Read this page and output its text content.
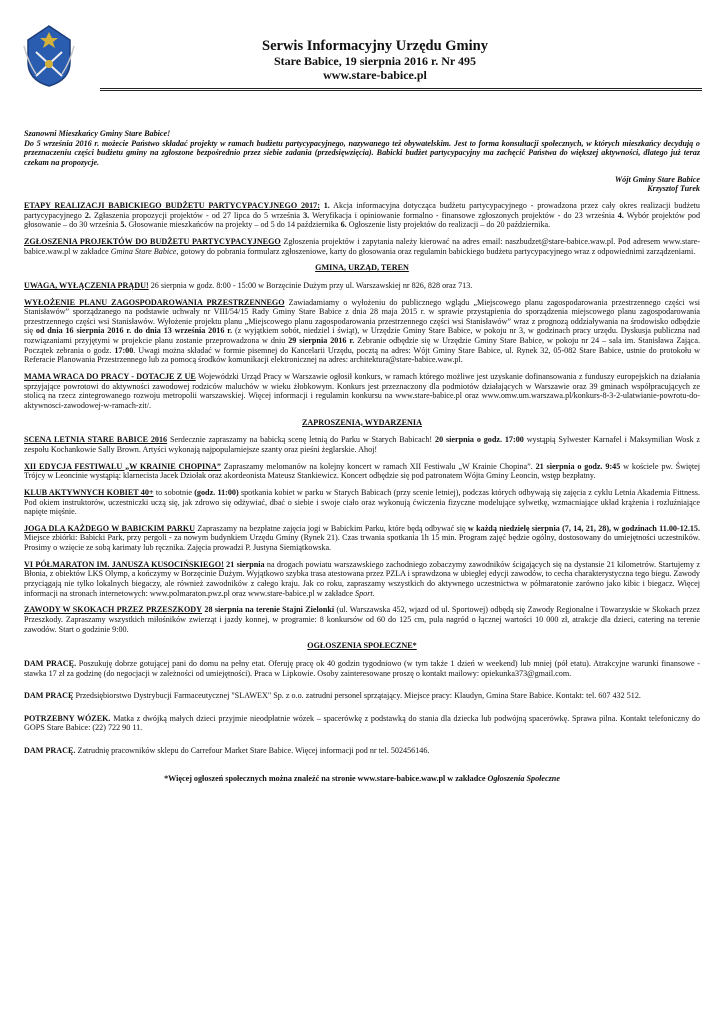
Serwis Informacyjny Urzędu Gminy
Stare Babice, 19 sierpnia 2016 r. Nr 495
www.stare-babice.pl

Szanowni Mieszkańcy Gminy Stare Babice!
Do 5 września 2016 r. możecie Państwo składać projekty w ramach budżetu partycypacyjnego, nazywanego też obywatelskim. Jest to forma konsultacji społecznych, w których mieszkańcy decydują o przeznaczeniu części budżetu gminy na zgłoszone bezpośrednio przez siebie zadania (przedsięwzięcia). Babicki budżet partycypacyjny ma zachęcić Państwa do większej aktywności, dlatego już teraz czekam na propozycje.

Wójt Gminy Stare Babice
Krzysztof Turek

ETAPY REALIZACJI BABICKIEGO BUDŻETU PARTYCYPACYJNEGO 2017: 1. Akcja informacyjna dotycząca budżetu partycypacyjnego - prowadzona przez cały okres realizacji budżetu partycypacyjnego 2. Zgłaszenia propozycji projektów - od 27 lipca do 5 września 3. Weryfikacja i opiniowanie formalno - finansowe zgłoszonych projektów - do 23 września 4. Wybór projektów pod głosowanie – do 30 września 5. Głosowanie mieszkańców na projekty – od 5 do 14 października 6. Ogłoszenie listy projektów do realizacji – do 20 października.

ZGŁOSZENIA PROJEKTÓW DO BUDŻETU PARTYCYPACYJNEGO Zgłoszenia projektów i zapytania należy kierować na adres email: naszbudzet@stare-babice.waw.pl. Pod adresem www.stare-babice.waw.pl w zakładce Gmina Stare Babice, gotowy do pobrania formularz zgłoszeniowe, karty do głosowania oraz regulamin babickiego budżetu partycypacyjnego wraz z odpowiednimi zarządzeniami.

GMINA, URZĄD, TEREN

UWAGA, WYŁĄCZENIA PRĄDU! 26 sierpnia w godz. 8:00 - 15:00 w Borzęcinie Dużym przy ul. Warszawskiej nr 826, 828 oraz 713.

WYŁOŻENIE PLANU ZAGOSPODAROWANIA PRZESTRZENNEGO Zawiadamiamy o wyłożeniu do publicznego wglądu „Miejscowego planu zagospodarowania przestrzennego części wsi Stanisławów” sporządzanego na podstawie uchwały nr VIII/54/15 Rady Gminy Stare Babice z dnia 28 maja 2015 r. w sprawie przystąpienia do sporządzenia miejscowego planu zagospodarowania przestrzennego części wsi Stanisławów. Wyłożenie projektu planu „Miejscowego planu zagospodarowania przestrzennego części wsi Stanisławów” wraz z prognozą oddziaływania na środowisko odbędzie się od dnia 16 sierpnia 2016 r. do dnia 13 września 2016 r. (z wyjątkiem sobót, niedziel i świąt), w Urzędzie Gminy Stare Babice, w pokoju nr 3, w godzinach pracy urzędu. Dyskusja publiczna nad rozwiązaniami przyjętymi w projekcie planu zostanie przeprowadzona w dniu 29 sierpnia 2016 r. Zebranie odbędzie się w Urzędzie Gminy Stare Babice, w pokoju nr 24 – sala im. Stanisława Zająca. Początek zebrania o godz. 17:00. Uwagi można składać w formie pisemnej do Kancelarii Urzędu, pocztą na adres: Wójt Gminy Stare Babice, ul. Rynek 32, 05-082 Stare Babice, ustnie do protokołu w Referacie Planowania Przestrzennego lub za pomocą środków komunikacji elektronicznej na adres: architektura@stare-babice.waw.pl.

MAMA WRACA DO PRACY - DOTACJE Z UE Wojewódzki Urząd Pracy w Warszawie ogłosił konkurs, w ramach którego możliwe jest uzyskanie dofinansowania z funduszy europejskich na działania sprzyjające powrotowi do aktywności zawodowej rodziców maluchów w wieku żłobkowym. Konkurs jest przeznaczony dla podmiotów działających w Warszawie oraz 39 gminach współpracujących ze stolicą na rzecz zintegrowanego rozwoju metropolii warszawskiej. Więcej informacji i regulamin konkursu na www.stare-babice.pl oraz www.omw.um.warszawa.pl/konkurs-8-3-2-ulatwianie-powrotu-do-aktywnosci-zawodowej-w-ramach-zit/.

ZAPROSZENIA, WYDARZENIA

SCENA LETNIA STARE BABICE 2016 Serdecznie zapraszamy na babicką scenę letnią do Parku w Starych Babicach! 20 sierpnia o godz. 17:00 wystąpią Sylwester Karnafel i Maksymilian Wosk z zespołu Kochankowie Sally Brown. Artyści wykonają najpopularniejsze szanty oraz pieśni żeglarskie. Ahoj!

XII EDYCJA FESTIWALU „W KRAINIE CHOPINA” Zapraszamy melomanów na kolejny koncert w ramach XII Festiwalu „W Krainie Chopina”. 21 sierpnia o godz. 9:45 w kościele pw. Świętej Trójcy w Leoncinie wystąpią: klarnecista Jacek Dziołak oraz akordeonista Mateusz Stankiewicz. Koncert odbędzie się pod patronatem Wójta Gminy Leoncin, wstęp bezpłatny.

KLUB AKTYWNYCH KOBIET 40+ to sobotnie (godz. 11:00) spotkania kobiet w parku w Starych Babicach (przy scenie letniej), podczas których odbywają się zajęcia z cyklu Letnia Akademia Fittness. Pod okiem instruktorów, uczestniczki uczą się, jak zdrowo się odżywiać, dbać o siebie i swoje ciało oraz wykonują ćwiczenia fizyczne modelujące sylwetkę, wzmacniające układ krążenia i rozluźniające napięte mięśnie.

JOGA DLA KAŻDEGO W BABICKIM PARKU Zapraszamy na bezpłatne zajęcia jogi w Babickim Parku, które będą odbywać się w każdą niedzielę sierpnia (7, 14, 21, 28), w godzinach 11.00-12.15. Miejsce zbiórki: Babicki Park, przy pergoli - za nowym budynkiem Urzędu Gminy (Rynek 21). Czas trwania spotkania 1h 15 min. Program zajęć będzie ogólny, dostosowany do umiejętności uczestników. Prosimy o wzięcie ze sobą karimaty lub ręcznika. Zajęcia prowadzi P. Justyna Siemiątkowska.

VI PÓŁMARATON IM. JANUSZA KUSOCIŃSKIEGO! 21 sierpnia na drogach powiatu warszawskiego zachodniego zobaczymy zawodników ścigających się na dystansie 21 kilometrów. Startujemy z Błonia, z obiektów LKS Olymp, a kończymy w Borzęcinie Dużym. Wyjątkowo szybka trasa atestowana przez PZLA i sprawdzona w ubiegłej edycji zawodów, to cecha charakterystyczna tego biegu. Zawody przyciągają nie tylko lokalnych biegaczy, ale również zawodników z całego kraju. Jak co roku, zapraszamy wszystkich do aktywnego uczestnictwa w półmaratonie zarówno jako kibic i biegacz. Więcej informacji na stronach internetowych: www.polmaraton.pwz.pl oraz www.stare-babice.pl w zakładce Sport.

ZAWODY W SKOKACH PRZEZ PRZESZKODY 28 sierpnia na terenie Stajni Zielonki (ul. Warszawska 452, wjazd od ul. Sportowej) odbędą się Zawody Regionalne i Towarzyskie w Skokach przez Przeszkody. Zapraszamy wszystkich miłośników zwierząt i jazdy konnej, w programie: 8 konkursów od 60 do 125 cm, pula nagród o łącznej wartości 10 000 zł, atrakcje dla dzieci, catering na terenie zawodów. Start o godzinie 9:00.

OGŁOSZENIA SPOŁECZNE*

DAM PRACĘ. Poszukuję dobrze gotującej pani do domu na pełny etat. Oferuję pracę ok 40 godzin tygodniowo (w tym także 1 dzień w weekend) lub mniej (pół etatu). Atrakcyjne warunki finansowe - stawka 17 zł za godzinę (do negocjacji w zależności od umiejętności). Praca w Lipkowie. Osoby zainteresowane proszę o kontakt mailowy: opiekunka373@gmail.com.

DAM PRACĘ Przedsiębiorstwo Dystrybucji Farmaceutycznej "SLAWEX" Sp. z o.o. zatrudni personel sprzątający. Miejsce pracy: Klaudyn, Gmina Stare Babice. Kontakt: tel. 607 432 512.

POTRZEBNY WÓZEK. Matka z dwójką małych dzieci przyjmie nieodpłatnie wózek – spacerówkę z podstawką do stania dla dziecka lub podwójną spacerówkę. Sprawa pilna. Kontakt telefoniczny do GOPS Stare Babice: (22) 722 90 11.

DAM PRACĘ. Zatrudnię pracowników sklepu do Carrefour Market Stare Babice. Więcej informacji pod nr tel. 502456146.

*Więcej ogłoszeń społecznych można znaleźć na stronie www.stare-babice.waw.pl w zakładce Ogłoszenia Społeczne
